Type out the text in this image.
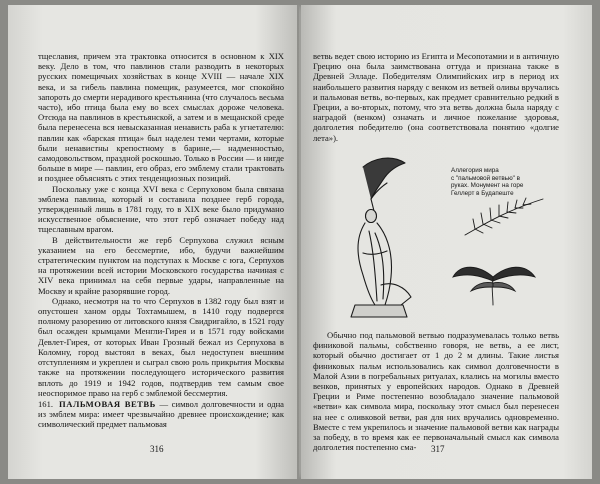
тщеславия, причем эта трактовка относится в основном к XIX веку. Дело в том, что павлинов стали разводить в некоторых русских помещичьих хозяйствах в конце XVIII — начале XIX века, и за гибель павлина помещик, разумеется, мог спокойно запороть до смерти нерадивого крестьянина (что случалось весьма часто), ибо птица была ему во всех смыслах дороже человека. Отсюда на павлинов в крестьянской, а затем и в мещанской среде была перенесена вся невысказанная ненависть раба к угнетателю: павлин как «барская птица» был наделен теми чертами, которые были ненавистны крепостному в барине,— надменностью, самодовольством, праздной роскошью. Только в России — и нигде больше в мире — павлин, его образ, его эмблему стали трактовать и позднее объяснять с этих тенденциозных позиций.

Поскольку уже с конца XVI века с Серпуховом была связана эмблема павлина, который и составила позднее герб города, утвержденный лишь в 1781 году, то в XIX веке было придумано искусственное объяснение, что этот герб означает победу над тщеславным врагом.

В действительности же герб Серпухова служил ясным указанием на его бессмертие, ибо, будучи важнейшим стратегическим пунктом на подступах к Москве с юга, Серпухов на протяжении всей истории Московского государства начиная с XIV века принимал на себя первые удары, направленные на Москву и крайне разорявшие город.

Однако, несмотря на то что Серпухов в 1382 году был взят и опустошен ханом орды Тохтамышем, в 1410 году подвергся полному разорению от литовского князя Свидригайло, в 1521 году был осажден крымцами Менгли-Гирея и в 1571 году войсками Девлет-Гирея, от которых Иван Грозный бежал из Серпухова в Коломну, город выстоял в веках, был недоступен внешним отступлениям и укреплен и сыграл свою роль прикрытия Москвы также на протяжении последующего исторического развития вплоть до 1919 и 1942 годов, подтвердив тем самым свое неоспоримое право на герб с эмблемой бессмертия.

161. ПАЛЬМОВАЯ ВЕТВЬ — символ долговечности и одна из эмблем мира: имеет чрезвычайно древнее происхождение; как символический предмет пальмовая

316

ветвь ведет свою историю из Египта и Месопотамии и в античную Грецию она была заимствована оттуда и признана также в Древней Элладе. Победителям Олимпийских игр в период их наибольшего развития наряду с венком из ветвей оливы вручались и пальмовая ветвь, во-первых, как предмет сравнительно редкий в Греции, а во-вторых, потому, что эта ветвь должна была наряду с наградой (венком) означать и личное пожелание здоровья, долголетия победителю (она соответствовала понятию «долгие лета»).

Аллегория мира
с "пальмовой ветвью" в
руках. Монумент на горе
Геллерт в Будапеште

Обычно под пальмовой ветвью подразумевалась только ветвь финиковой пальмы, собственно говоря, не ветвь, а ее лист, который обычно достигает от 1 до 2 м длины. Такие листья финиковых пальм использовались как символ долговечности в Малой Азии в погребальных ритуалах, клались на могилы вместо венков, принятых у европейских народов. Однако в Древней Греции и Риме постепенно возобладало значение пальмовой «ветви» как символа мира, поскольку этот смысл был перенесен на нее с оливковой ветви, рая для них вручались одновременно. Вместе с тем укрепилось и значение пальмовой ветви как награды за победу, в то время как ее первоначальный смысл как символа долголетия постепенно сма-	317
